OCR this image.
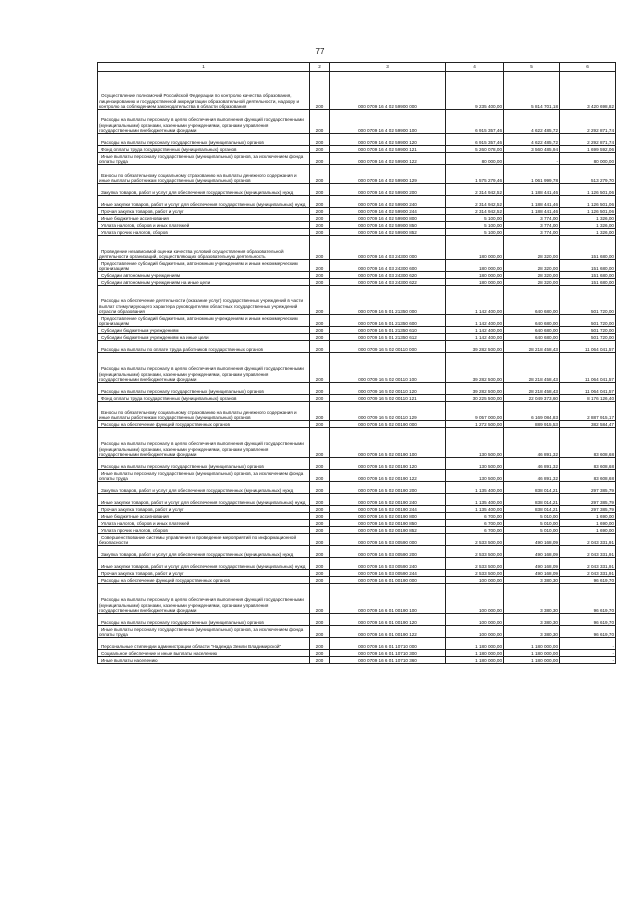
77
1	2	3	4	5	6
Осуществление полномочий Российской Федерации по контролю качества образования, лицензированию и государственной аккредитации образовательной деятельности, надзору и контролю за соблюдением законодательства в области образования	200	000 0709 16 4 02 59900 000	9 235 400,00	5 814 701,18	3 420 698,82
Расходы на выплаты персоналу в целях обеспечения выполнения функций государственными (муниципальными) органами, казенными учреждениями, органами управления государственными внебюджетными фондами	200	000 0709 16 4 02 59900 100	6 915 357,46	4 622 485,72	2 292 871,74
Расходы на выплаты персоналу государственных (муниципальных) органов	200	000 0709 16 4 02 59900 120	6 915 357,46	4 622 485,72	2 292 871,74
Фонд оплаты труда государственных (муниципальных) органов	200	000 0709 16 4 02 59900 121	5 260 078,00	3 560 485,94	1 699 592,06
Иные выплаты персоналу государственных (муниципальных) органов, за исключением фонда оплаты труда	200	000 0709 16 4 02 59900 122	80 000,00	-	80 000,00
Взносы по обязательному социальному страхованию на выплаты денежного содержания и иные выплаты работникам государственных (муниципальных) органов	200	000 0709 16 4 02 59900 129	1 575 279,46	1 061 999,78	513 279,70
Закупка товаров, работ и услуг для обеспечения государственных (муниципальных) нужд	200	000 0709 16 4 02 59900 200	2 314 942,52	1 188 441,46	1 126 501,06
Иные закупки товаров, работ и услуг для обеспечения государственных (муниципальных) нужд	200	000 0709 16 4 02 59900 240	2 314 942,52	1 188 441,46	1 126 501,06
Прочая закупка товаров, работ и услуг	200	000 0709 16 4 02 59900 244	2 314 942,52	1 188 441,46	1 126 501,06
Иные бюджетные ассигнования	200	000 0709 16 4 02 59900 800	5 100,00	3 774,00	1 326,00
Уплата налогов, сборов и иных платежей	200	000 0709 16 4 02 59900 850	5 100,00	3 774,00	1 326,00
Уплата прочих налогов, сборов	200	000 0709 16 4 02 59900 852	5 100,00	3 774,00	1 326,00
Проведение независимой оценки качества условий осуществления образовательной деятельности организаций, осуществляющих образовательную деятельность	200	000 0709 16 4 03 24300 000	180 000,00	28 320,00	151 680,00
Предоставление субсидий бюджетным, автономным учреждениям и иным некоммерческим организациям	200	000 0709 16 4 03 24300 600	180 000,00	28 320,00	151 680,00
Субсидии автономным учреждениям	200	000 0709 16 4 03 24300 620	180 000,00	28 320,00	151 680,00
Субсидии автономным учреждениям на иные цели	200	000 0709 16 4 03 24300 622	180 000,00	28 320,00	151 680,00
Расходы на обеспечение деятельности (оказание услуг) государственных учреждений в части выплат стимулирующего характера руководителям областных государственных учреждений отрасли образования	200	000 0709 16 5 01 21350 000	1 142 400,00	640 680,00	501 720,00
Предоставление субсидий бюджетным, автономным учреждениям и иным некоммерческим организациям	200	000 0709 16 5 01 21350 600	1 142 400,00	640 680,00	501 720,00
Субсидии бюджетным учреждениям	200	000 0709 16 5 01 21350 610	1 142 400,00	640 680,00	501 720,00
Субсидии бюджетным учреждениям на иные цели	200	000 0709 16 5 01 21350 612	1 142 400,00	640 680,00	501 720,00
Расходы на выплаты по оплате труда работников государственных органов	200	000 0709 16 5 02 00110 000	39 282 500,00	28 218 458,43	11 064 041,57
Расходы на выплаты персоналу в целях обеспечения выполнения функций государственными (муниципальными) органами, казенными учреждениями, органами управления государственными внебюджетными фондами	200	000 0709 16 5 02 00110 100	39 282 500,00	28 218 458,43	11 064 041,57
Расходы на выплаты персоналу государственных (муниципальных) органов	200	000 0709 16 5 02 00110 120	39 282 500,00	28 218 458,43	11 064 041,57
Фонд оплаты труда государственных (муниципальных) органов	200	000 0709 16 5 02 00110 121	30 225 500,00	22 049 373,60	8 176 126,40
Взносы по обязательному социальному страхованию на выплаты денежного содержания и иные выплаты работникам государственных (муниципальных) органов	200	000 0709 16 5 02 00110 129	9 057 000,00	6 169 084,83	2 887 915,17
Расходы на обеспечение функций государственных органов	200	000 0709 16 5 02 00190 000	1 272 500,00	889 915,53	382 584,47
Расходы на выплаты персоналу в целях обеспечения выполнения функций государственными (муниципальными) органами, казенными учреждениями, органами управления государственными внебюджетными фондами	200	000 0709 16 5 02 00190 100	130 500,00	46 891,32	83 608,68
Расходы на выплаты персоналу государственных (муниципальных) органов	200	000 0709 16 5 02 00190 120	130 500,00	46 891,32	83 608,68
Иные выплаты персоналу государственных (муниципальных) органов, за исключением фонда оплаты труда	200	000 0709 16 5 02 00190 122	130 500,00	46 891,32	83 608,68
Закупка товаров, работ и услуг для обеспечения государственных (муниципальных) нужд	200	000 0709 16 5 02 00190 200	1 135 400,00	838 014,21	297 385,79
Иные закупки товаров, работ и услуг для обеспечения государственных (муниципальных) нужд	200	000 0709 16 5 02 00190 240	1 135 400,00	838 014,21	297 385,79
Прочая закупка товаров, работ и услуг	200	000 0709 16 5 02 00190 244	1 135 400,00	838 014,21	297 385,79
Иные бюджетные ассигнования	200	000 0709 16 5 02 00190 800	6 700,00	5 010,00	1 690,00
Уплата налогов, сборов и иных платежей	200	000 0709 16 5 02 00190 850	6 700,00	5 010,00	1 690,00
Уплата прочих налогов, сборов	200	000 0709 16 5 02 00190 852	6 700,00	5 010,00	1 690,00
Совершенствование системы управления и проведение мероприятий по информационной безопасности	200	000 0709 16 5 03 00590 000	2 533 500,00	490 168,09	2 043 331,91
Закупка товаров, работ и услуг для обеспечения государственных (муниципальных) нужд	200	000 0709 16 5 03 00590 200	2 533 500,00	490 168,09	2 043 331,91
Иные закупки товаров, работ и услуг для обеспечения государственных (муниципальных) нужд	200	000 0709 16 5 03 00590 240	2 533 500,00	490 168,09	2 043 331,91
Прочая закупка товаров, работ и услуг	200	000 0709 16 5 03 00590 244	2 533 500,00	490 168,09	2 043 331,91
Расходы на обеспечение функций государственных органов	200	000 0709 16 6 01 00190 000	100 000,00	3 380,30	96 619,70
Расходы на выплаты персоналу в целях обеспечения выполнения функций государственными (муниципальными) органами, казенными учреждениями, органами управления государственными внебюджетными фондами	200	000 0709 16 6 01 00190 100	100 000,00	3 380,30	96 619,70
Расходы на выплаты персоналу государственных (муниципальных) органов	200	000 0709 16 6 01 00190 120	100 000,00	3 380,30	96 619,70
Иные выплаты персоналу государственных (муниципальных) органов, за исключением фонда оплаты труда	200	000 0709 16 6 01 00190 122	100 000,00	3 380,30	96 619,70
Персональные стипендии администрации области "Надежда Земли Владимирской"	200	000 0709 16 6 01 10710 000	1 180 000,00	1 180 000,00	-
Социальное обеспечение и иные выплаты населению	200	000 0709 16 6 01 10710 300	1 180 000,00	1 180 000,00	-
Иные выплаты населению	200	000 0709 16 6 01 10710 360	1 180 000,00	1 180 000,00	-
